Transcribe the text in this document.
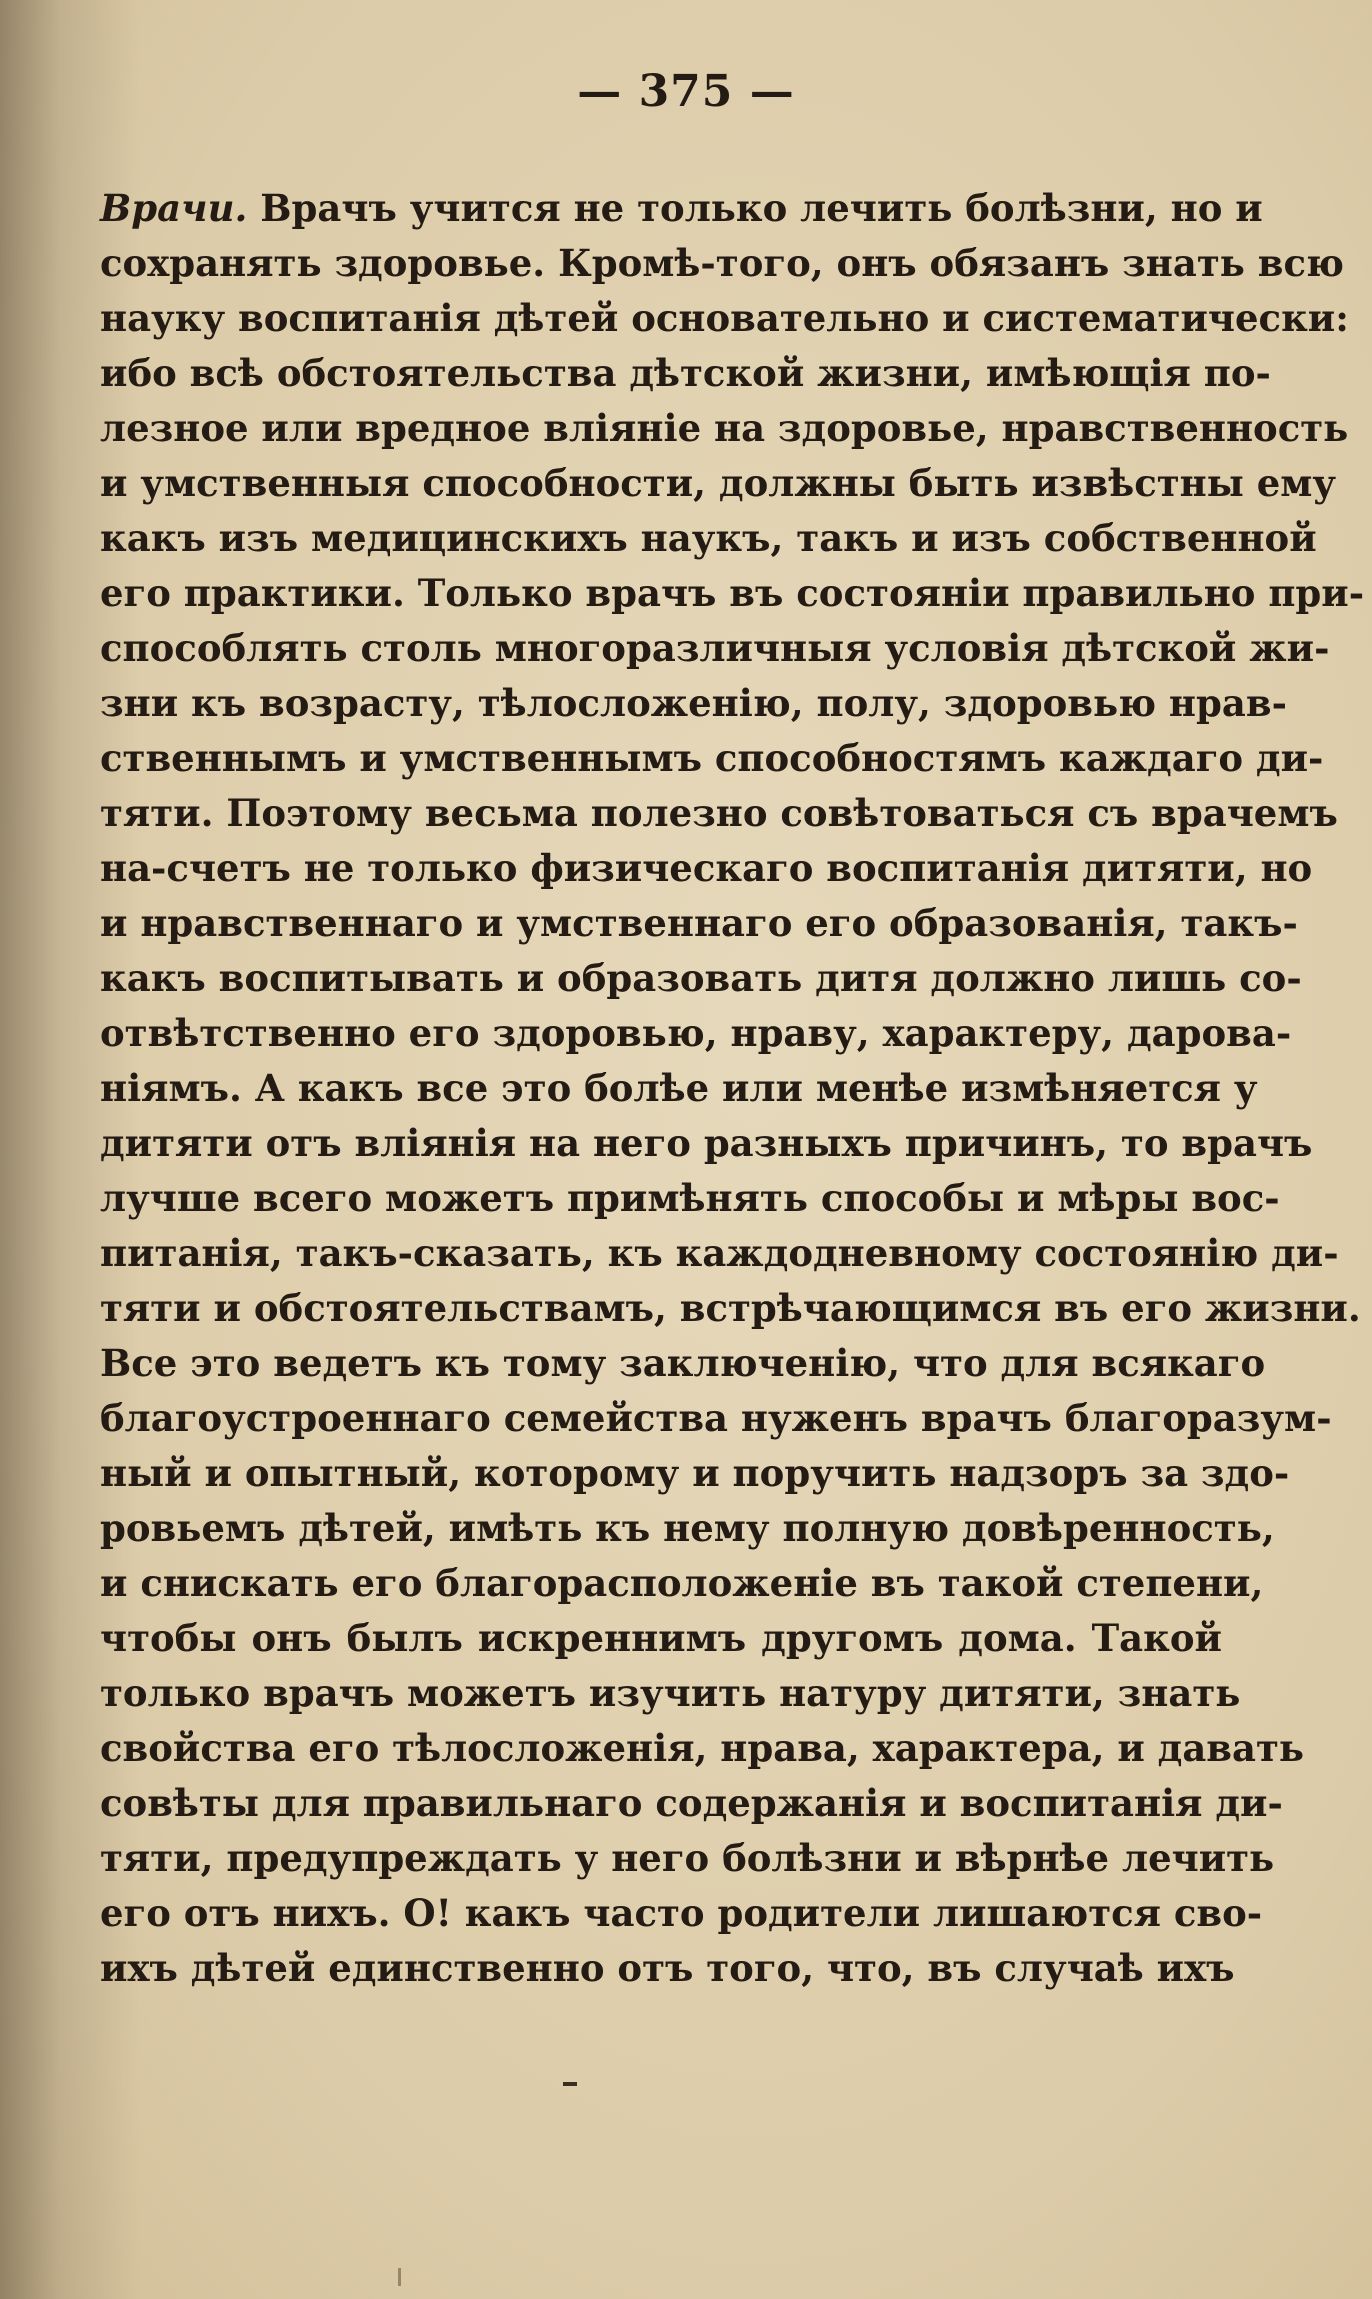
— 375 —
Врачи. Врачъ учится не только лечить болѣзни, но и
сохранять здоровье. Кромѣ-того, онъ обязанъ знать всю
науку воспитанія дѣтей основательно и систематически:
ибо всѣ обстоятельства дѣтской жизни, имѣющія по-
лезное или вредное вліяніе на здоровье, нравственность
и умственныя способности, должны быть извѣстны ему
какъ изъ медицинскихъ наукъ, такъ и изъ собственной
его практики. Только врачъ въ состояніи правильно при-
способлять столь многоразличныя условія дѣтской жи-
зни къ возрасту, тѣлосложенію, полу, здоровью нрав-
ственнымъ и умственнымъ способностямъ каждаго ди-
тяти. Поэтому весьма полезно совѣтоваться съ врачемъ
на-счетъ не только физическаго воспитанія дитяти, но
и нравственнаго и умственнаго его образованія, такъ-
какъ воспитывать и образовать дитя должно лишь со-
отвѣтственно его здоровью, нраву, характеру, дарова-
ніямъ. А какъ все это болѣе или менѣе измѣняется у
дитяти отъ вліянія на него разныхъ причинъ, то врачъ
лучше всего можетъ примѣнять способы и мѣры вос-
питанія, такъ-сказать, къ каждодневному состоянію ди-
тяти и обстоятельствамъ, встрѣчающимся въ его жизни.
Все это ведетъ къ тому заключенію, что для всякаго
благоустроеннаго семейства нуженъ врачъ благоразум-
ный и опытный, которому и поручить надзоръ за здо-
ровьемъ дѣтей, имѣть къ нему полную довѣренность,
и снискать его благорасположеніе въ такой степени,
чтобы онъ былъ искреннимъ другомъ дома. Такой
только врачъ можетъ изучить натуру дитяти, знать
свойства его тѣлосложенія, нрава, характера, и давать
совѣты для правильнаго содержанія и воспитанія ди-
тяти, предупреждать у него болѣзни и вѣрнѣе лечить
его отъ нихъ. О! какъ часто родители лишаются сво-
ихъ дѣтей единственно отъ того, что, въ случаѣ ихъ
